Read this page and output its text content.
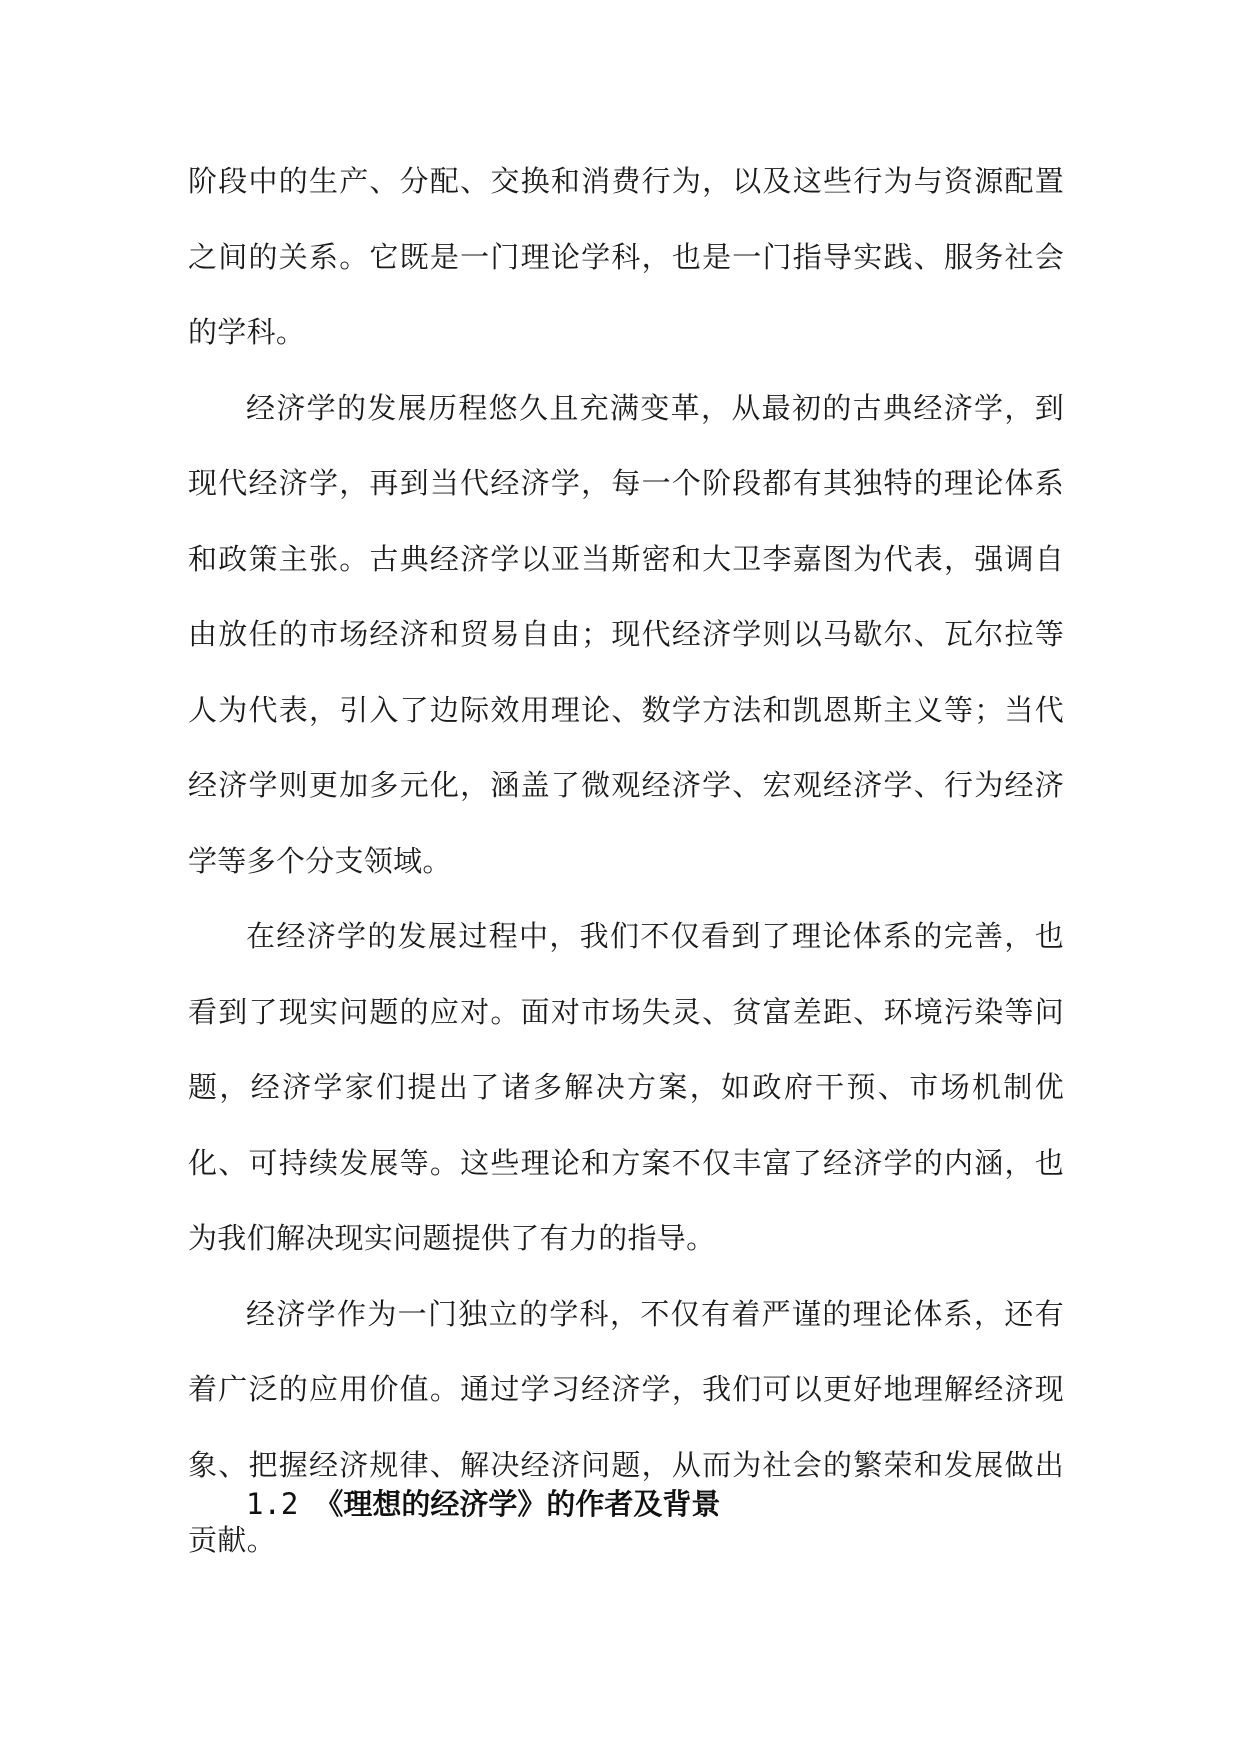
阶段中的生产、分配、交换和消费行为，以及这些行为与资源配置之间的关系。它既是一门理论学科，也是一门指导实践、服务社会的学科。

经济学的发展历程悠久且充满变革，从最初的古典经济学，到现代经济学，再到当代经济学，每一个阶段都有其独特的理论体系和政策主张。古典经济学以亚当斯密和大卫李嘉图为代表，强调自由放任的市场经济和贸易自由；现代经济学则以马歇尔、瓦尔拉等人为代表，引入了边际效用理论、数学方法和凯恩斯主义等；当代经济学则更加多元化，涵盖了微观经济学、宏观经济学、行为经济学等多个分支领域。

在经济学的发展过程中，我们不仅看到了理论体系的完善，也看到了现实问题的应对。面对市场失灵、贫富差距、环境污染等问题，经济学家们提出了诸多解决方案，如政府干预、市场机制优化、可持续发展等。这些理论和方案不仅丰富了经济学的内涵，也为我们解决现实问题提供了有力的指导。

经济学作为一门独立的学科，不仅有着严谨的理论体系，还有着广泛的应用价值。通过学习经济学，我们可以更好地理解经济现象、把握经济规律、解决经济问题，从而为社会的繁荣和发展做出贡献。

1.2 《理想的经济学》的作者及背景
